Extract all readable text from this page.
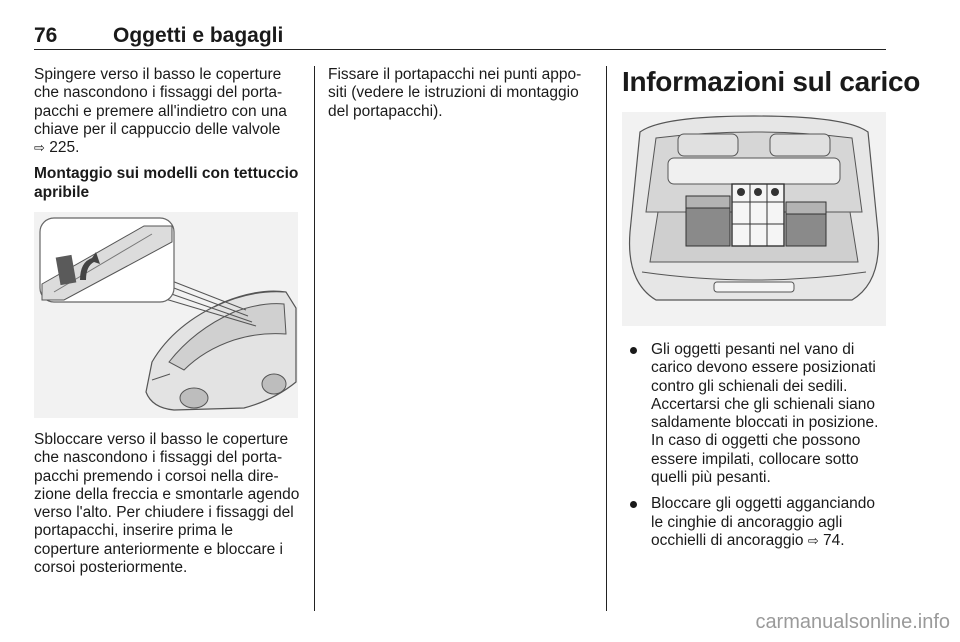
76	Oggetti e bagagli

Spingere verso il basso le coperture che nascondono i fissaggi del porta-pacchi e premere all'indietro con una chiave per il cappuccio delle valvole
⇨ 225.

Montaggio sui modelli con tettuccio apribile

Sbloccare verso il basso le coperture che nascondono i fissaggi del porta-pacchi premendo i corsoi nella dire-zione della freccia e smontarle agendo verso l'alto. Per chiudere i fissaggi del portapacchi, inserire prima le coperture anteriormente e bloccare i corsoi posteriormente.

Fissare il portapacchi nei punti appo-siti (vedere le istruzioni di montaggio del portapacchi).

Informazioni sul carico
Gli oggetti pesanti nel vano di carico devono essere posizionati contro gli schienali dei sedili. Accertarsi che gli schienali siano saldamente bloccati in posizione. In caso di oggetti che possono essere impilati, collocare sotto quelli più pesanti.
Bloccare gli oggetti agganciando le cinghie di ancoraggio agli occhielli di ancoraggio ⇨ 74.
carmanualsonline.info
